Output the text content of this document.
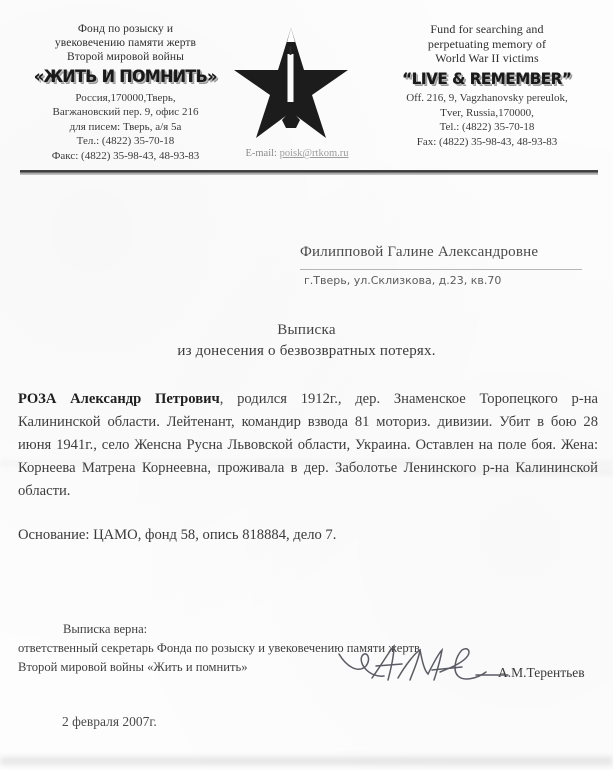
Фонд по розыску и
увековечению памяти жертв
Второй мировой войны
«ЖИТЬ И ПОМНИТЬ»
Россия,170000,Тверь,
Вагжановский пер. 9, офис 216
для писем: Тверь, а/я 5а
Тел.: (4822) 35-70-18
Факс: (4822) 35-98-43, 48-93-83
Fund for searching and
perpetuating memory of
World War II victims
“LIVE & REMEMBER”
Off. 216, 9, Vagzhanovsky pereulok,
Tver, Russia,170000,
Tel.: (4822) 35-70-18
Fax: (4822) 35-98-43, 48-93-83
E-mail: poisk@rtkom.ru
Филипповой Галине Александровне
г.Тверь, ул.Склизкова, д.23, кв.70
Выписка
из донесения о безвозвратных потерях.
РОЗА Александр Петрович, родился 1912г., дер. Знаменское Торопецкого р-на Калининской области. Лейтенант, командир взвода 81 моториз. дивизии. Убит в бою 28 июня 1941г., село Женсна Русна Львовской области, Украина. Оставлен на поле боя. Жена: Корнеева Матрена Корнеевна, проживала в дер. Заболотье Ленинского р-на Калининской области.
Основание: ЦАМО, фонд 58, опись 818884, дело 7.
Выписка верна:
ответственный секретарь Фонда по розыску и увековечению памяти жертв
Второй мировой войны «Жить и помнить»	А.М.Терентьев
2 февраля 2007г.
